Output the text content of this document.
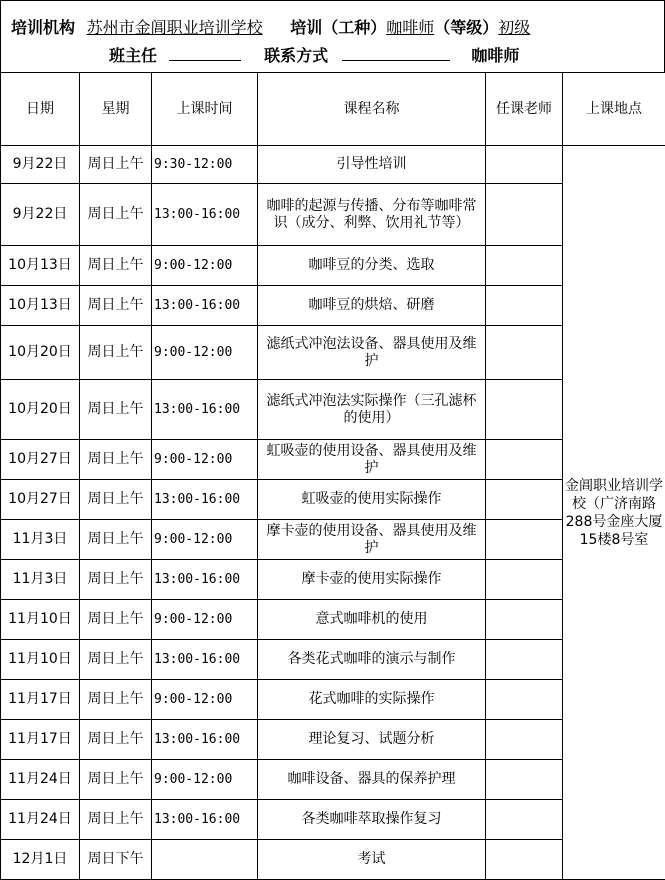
培训机构 苏州市金阊职业培训学校 培训（工种）咖啡师（等级）初级
班主任	联系方式	咖啡师
日期	星期	上课时间	课程名称	任课老师	上课地点
9月22日	周日上午	9:30-12:00	引导性培训		金阊职业培训学校（广济南路288号金座大厦15楼8号室
9月22日	周日上午	13:00-16:00	咖啡的起源与传播、分布等咖啡常识（成分、利弊、饮用礼节等）		
10月13日	周日上午	9:00-12:00	咖啡豆的分类、选取		
10月13日	周日上午	13:00-16:00	咖啡豆的烘焙、研磨		
10月20日	周日上午	9:00-12:00	滤纸式冲泡法设备、器具使用及维护		
10月20日	周日上午	13:00-16:00	滤纸式冲泡法实际操作（三孔滤杯的使用）		
10月27日	周日上午	9:00-12:00	虹吸壶的使用设备、器具使用及维护		
10月27日	周日上午	13:00-16:00	虹吸壶的使用实际操作		
11月3日	周日上午	9:00-12:00	摩卡壶的使用设备、器具使用及维护		
11月3日	周日上午	13:00-16:00	摩卡壶的使用实际操作		
11月10日	周日上午	9:00-12:00	意式咖啡机的使用		
11月10日	周日上午	13:00-16:00	各类花式咖啡的演示与制作		
11月17日	周日上午	9:00-12:00	花式咖啡的实际操作		
11月17日	周日上午	13:00-16:00	理论复习、试题分析		
11月24日	周日上午	9:00-12:00	咖啡设备、器具的保养护理		
11月24日	周日上午	13:00-16:00	各类咖啡萃取操作复习		
12月1日	周日下午		考试		
